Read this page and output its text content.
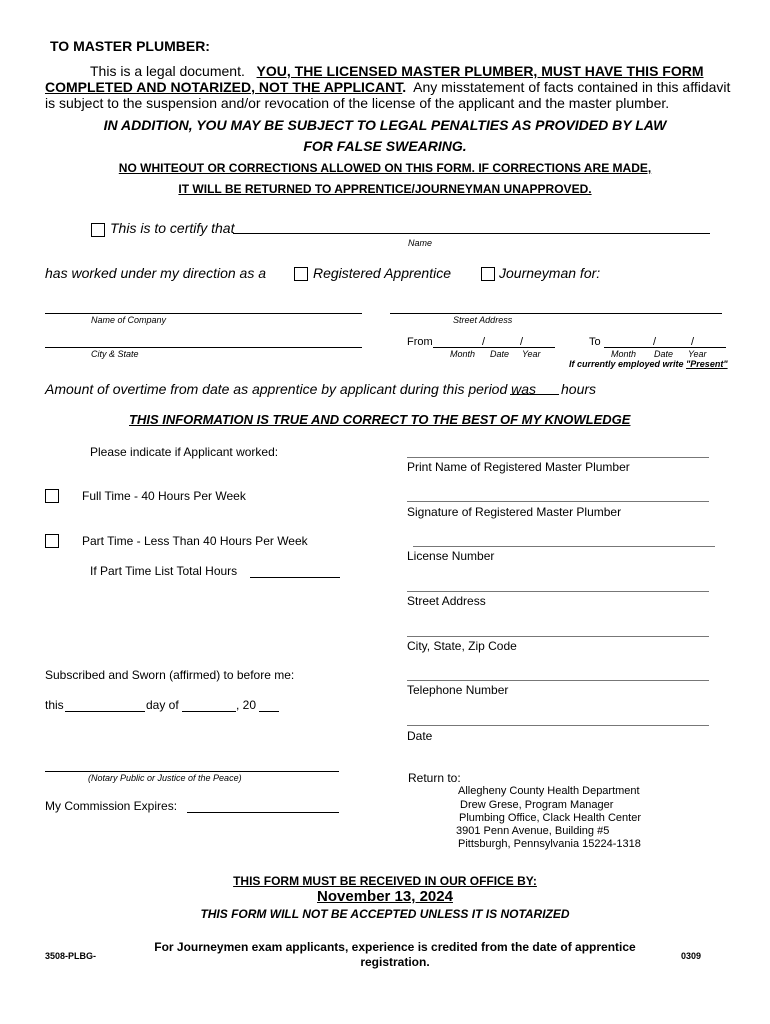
TO MASTER PLUMBER:
This is a legal document. YOU, THE LICENSED MASTER PLUMBER, MUST HAVE THIS FORM
COMPLETED AND NOTARIZED, NOT THE APPLICANT. Any misstatement of facts contained in this affidavit
is subject to the suspension and/or revocation of the license of the applicant and the master plumber.
IN ADDITION, YOU MAY BE SUBJECT TO LEGAL PENALTIES AS PROVIDED BY LAW
FOR FALSE SWEARING.
NO WHITEOUT OR CORRECTIONS ALLOWED ON THIS FORM. IF CORRECTIONS ARE MADE,
IT WILL BE RETURNED TO APPRENTICE/JOURNEYMAN UNAPPROVED.
This is to certify that
Name
has worked under my direction as a	Registered Apprentice	Journeyman for:
Name of Company	Street Address
City & State
From	/	/
Month Date Year
To	/	/
Month Date Year
If currently employed write "Present"
Amount of overtime from date as apprentice by applicant during this period was hours
THIS INFORMATION IS TRUE AND CORRECT TO THE BEST OF MY KNOWLEDGE
Please indicate if Applicant worked:
Full Time - 40 Hours Per Week
Part Time - Less Than 40 Hours Per Week
If Part Time List Total Hours
Subscribed and Sworn (affirmed) to before me:
this	day of	, 20
(Notary Public or Justice of the Peace)
My Commission Expires:
Print Name of Registered Master Plumber
Signature of Registered Master Plumber
License Number
Street Address
City, State, Zip Code
Telephone Number
Date
Return to:
Allegheny County Health Department
Drew Grese, Program Manager
Plumbing Office, Clack Health Center
3901 Penn Avenue, Building #5
Pittsburgh, Pennsylvania 15224-1318
THIS FORM MUST BE RECEIVED IN OUR OFFICE BY:
November 13, 2024
THIS FORM WILL NOT BE ACCEPTED UNLESS IT IS NOTARIZED
3508-PLBG-
For Journeymen exam applicants, experience is credited from the date of apprentice
registration.	0309
